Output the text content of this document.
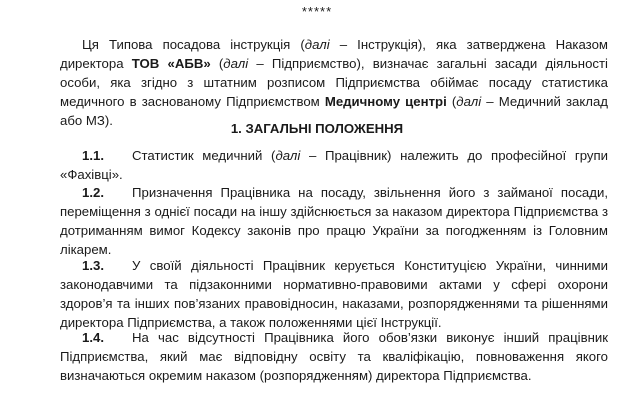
*****
Ця Типова посадова інструкція (далі – Інструкція), яка затверджена Наказом директора ТОВ «АБВ» (далі – Підприємство), визначає загальні засади діяльності особи, яка згідно з штатним розписом Підприємства обіймає посаду статистика медичного в заснованому Підприємством Медичному центрі (далі – Медичний заклад або МЗ).
1. ЗАГАЛЬНІ ПОЛОЖЕННЯ
1.1. Статистик медичний (далі – Працівник) належить до професійної групи «Фахівці».
1.2. Призначення Працівника на посаду, звільнення його з займаної посади, переміщення з однієї посади на іншу здійснюється за наказом директора Підприємства з дотриманням вимог Кодексу законів про працю України за погодженням із Головним лікарем.
1.3. У своїй діяльності Працівник керується Конституцією України, чинними законодавчими та підзаконними нормативно-правовими актами у сфері охорони здоров’я та інших пов’язаних правовідносин, наказами, розпорядженнями та рішеннями директора Підприємства, а також положеннями цієї Інструкції.
1.4. На час відсутності Працівника його обов’язки виконує інший працівник Підприємства, який має відповідну освіту та кваліфікацію, повноваження якого визначаються окремим наказом (розпорядженням) директора Підприємства.
